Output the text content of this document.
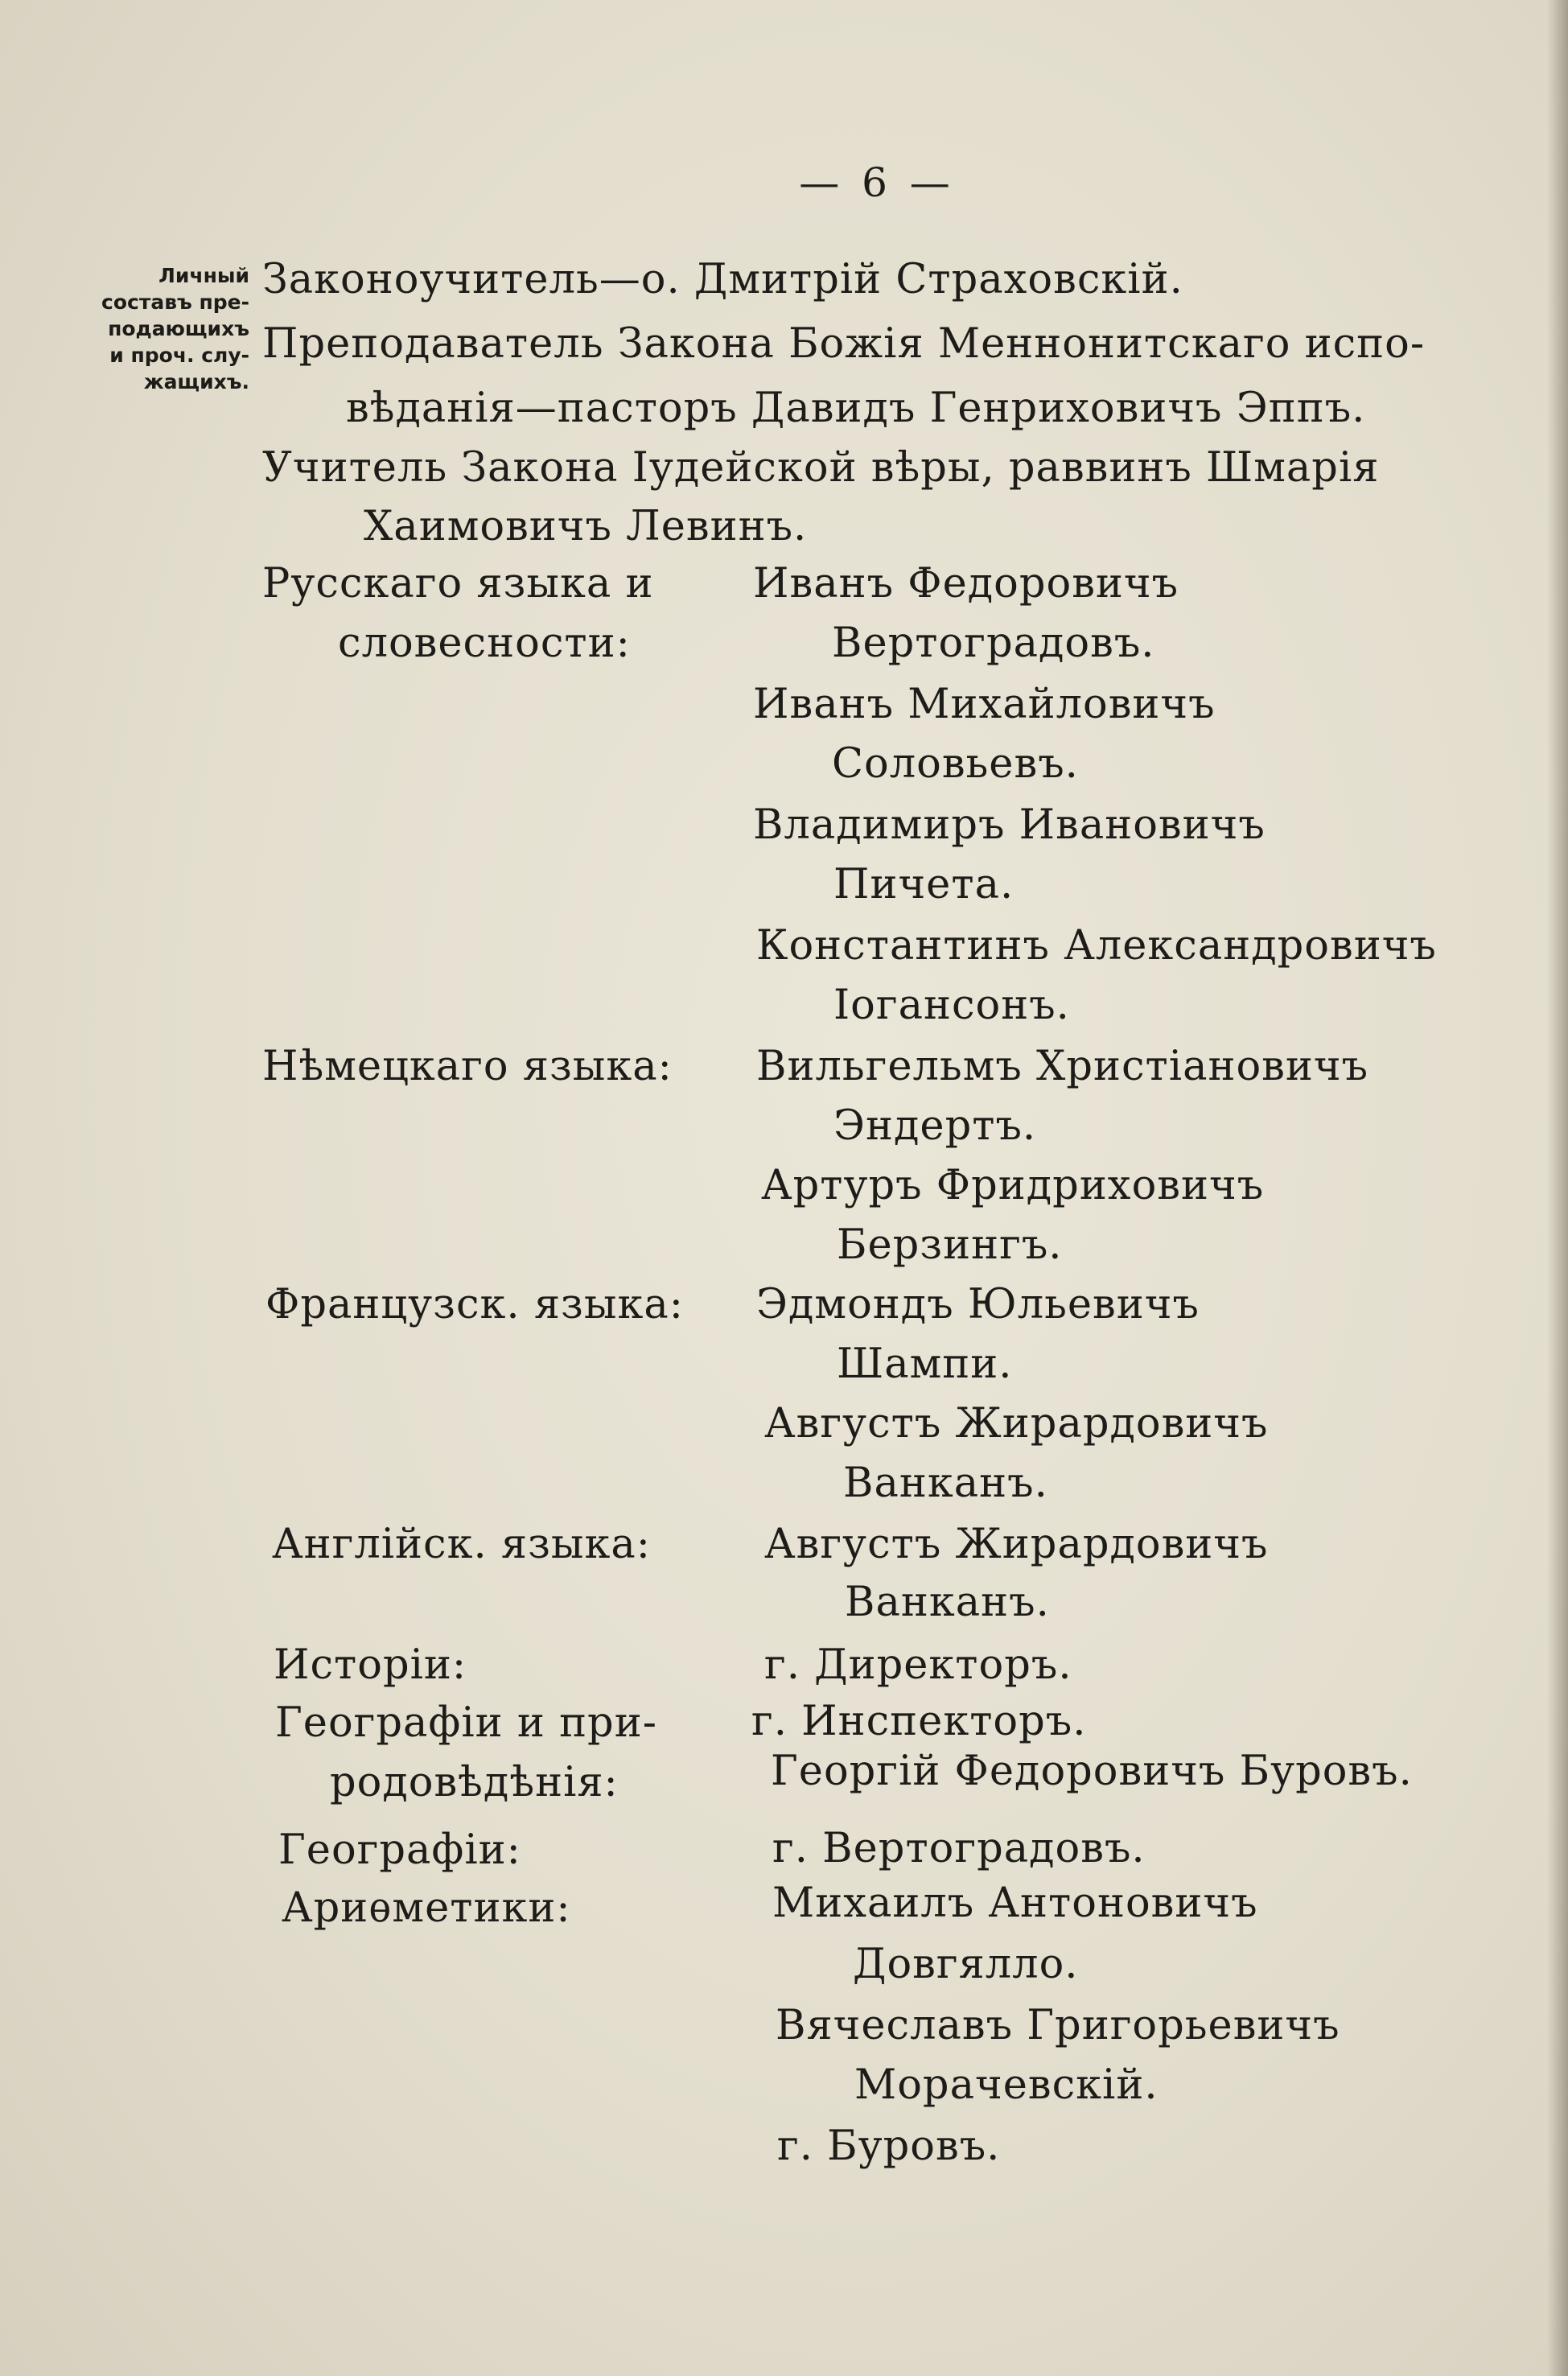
— 6 —
Личный
составъ пре-
подающихъ
и проч. слу-
жащихъ.
Законоучитель—о. Дмитрій Страховскій.
Преподаватель Закона Божія Меннонитскаго испо-
вѣданія—пасторъ Давидъ Генриховичъ Эппъ.
Учитель Закона Іудейской вѣры, раввинъ Шмарія
Хаимовичъ Левинъ.
Русскаго языка и
словесности:
Нѣмецкаго языка:
Французск. языка:
Англійск. языка:
Исторіи:
Географіи и при-
родовѣдѣнія:
Географіи:
Ариѳметики:
Иванъ Федоровичъ
Вертоградовъ.
Иванъ Михайловичъ
Соловьевъ.
Владимиръ Ивановичъ
Пичета.
Константинъ Александровичъ
Іогансонъ.
Вильгельмъ Христіановичъ
Эндертъ.
Артуръ Фридриховичъ
Берзингъ.
Эдмондъ Юльевичъ
Шампи.
Августъ Жирардовичъ
Ванканъ.
Августъ Жирардовичъ
Ванканъ.
г. Директоръ.
г. Инспекторъ.
Георгій Федоровичъ Буровъ.
г. Вертоградовъ.
Михаилъ Антоновичъ
Довгялло.
Вячеславъ Григорьевичъ
Морачевскій.
г. Буровъ.
